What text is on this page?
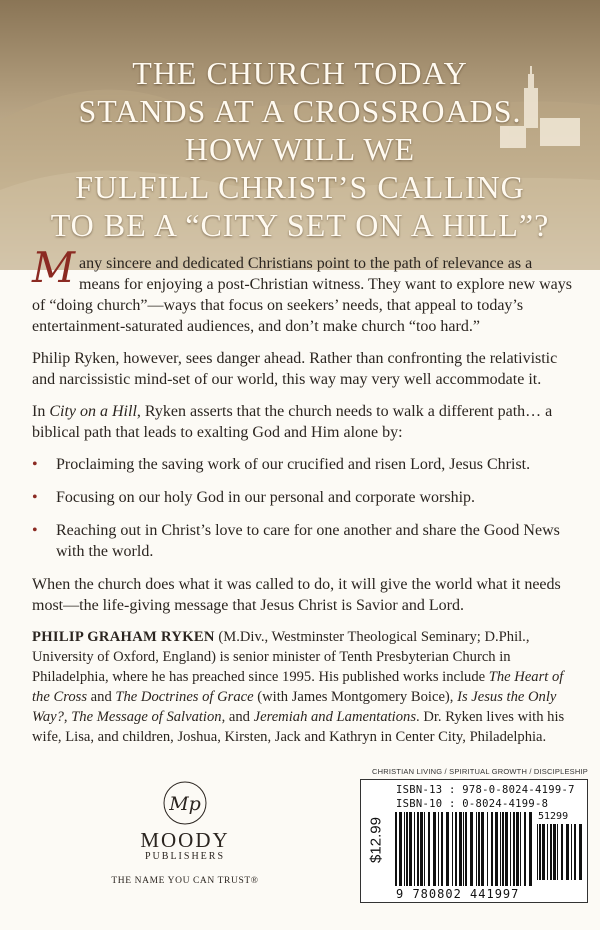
THE CHURCH TODAY
STANDS AT A CROSSROADS.
HOW WILL WE
FULFILL CHRIST’S CALLING
TO BE A “CITY SET ON A HILL”?

Many sincere and dedicated Christians point to the path of relevance as a means for enjoying a post-Christian witness. They want to explore new ways of “doing church”—ways that focus on seekers’ needs, that appeal to today’s entertainment-saturated audiences, and don’t make church “too hard.”

Philip Ryken, however, sees danger ahead. Rather than confronting the relativistic and narcissistic mind-set of our world, this way may very well accommodate it.

In City on a Hill, Ryken asserts that the church needs to walk a different path… a biblical path that leads to exalting God and Him alone by:

• Proclaiming the saving work of our crucified and risen Lord, Jesus Christ.
• Focusing on our holy God in our personal and corporate worship.
• Reaching out in Christ’s love to care for one another and share the Good News with the world.

When the church does what it was called to do, it will give the world what it needs most—the life-giving message that Jesus Christ is Savior and Lord.

PHILIP GRAHAM RYKEN (M.Div., Westminster Theological Seminary; D.Phil., University of Oxford, England) is senior minister of Tenth Presbyterian Church in Philadelphia, where he has preached since 1995. His published works include The Heart of the Cross and The Doctrines of Grace (with James Montgomery Boice), Is Jesus the Only Way?, The Message of Salvation, and Jeremiah and Lamentations. Dr. Ryken lives with his wife, Lisa, and children, Joshua, Kirsten, Jack and Kathryn in Center City, Philadelphia.

Mp
MOODY
PUBLISHERS
THE NAME YOU CAN TRUST®
CHRISTIAN LIVING / SPIRITUAL GROWTH / DISCIPLESHIP
$12.99
ISBN-13 : 978-0-8024-4199-7
ISBN-10 : 0-8024-4199-8
51299
9 780802 441997
